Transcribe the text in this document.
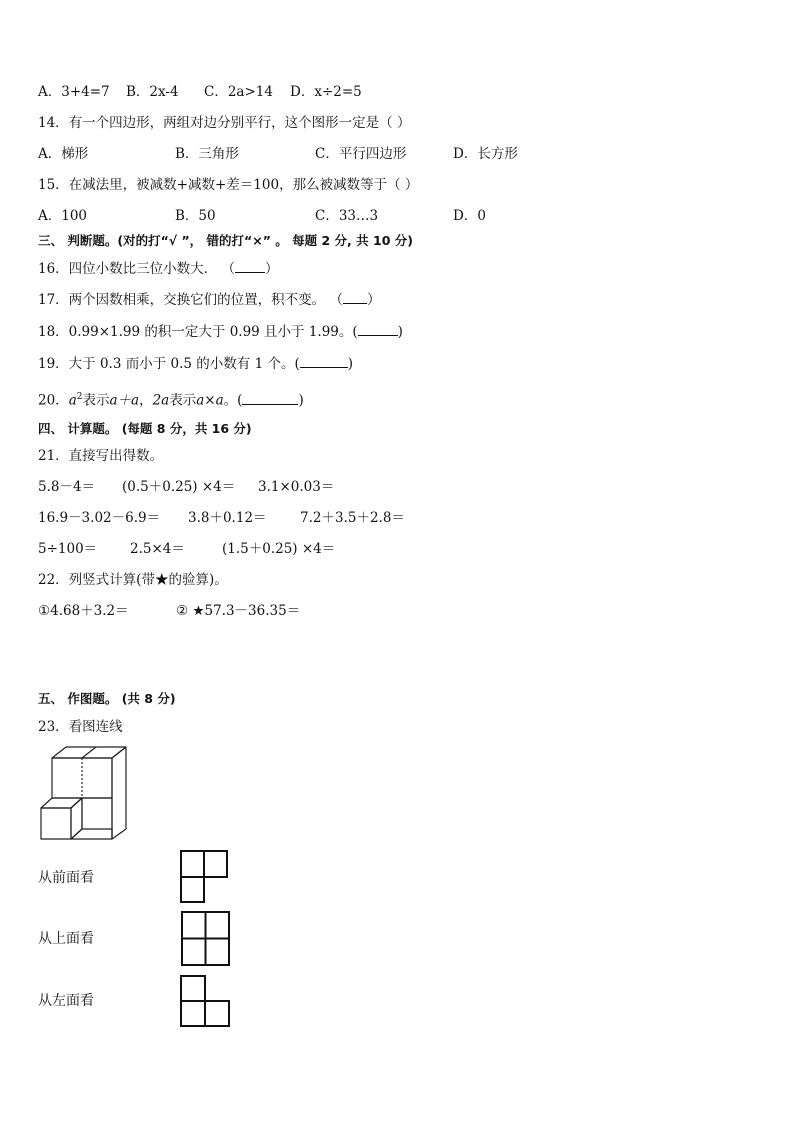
A．3+4=7 B．2x-4 C．2a>14 D．x÷2=5
14．有一个四边形，两组对边分别平行，这个图形一定是（ ）
A．梯形	B．三角形	C．平行四边形	D．长方形
15．在减法里，被减数+减数+差＝100，那么被减数等于（ ）
A．100	B．50	C．33…3	D．0
三、 判断题。(对的打“√ ”， 错的打“×” 。 每题 2 分, 共 10 分)
16．四位小数比三位小数大． （ ）
17．两个因数相乘，交换它们的位置，积不变。 （ ）
18．0.99×1.99 的积一定大于 0.99 且小于 1.99。(	)
19．大于 0.3 而小于 0.5 的小数有 1 个。(	)
20．$a^2$表示a＋a，2a表示a×a。(	)
四、 计算题。 (每题 8 分，共 16 分)
21．直接写出得数。
5.8－4＝ (0.5＋0.25) ×4＝ 3.1×0.03＝
16.9－3.02－6.9＝ 3.8＋0.12＝ 7.2＋3.5＋2.8＝
5÷100＝ 2.5×4＝	(1.5＋0.25) ×4＝
22．列竖式计算(带★的验算)。
①4.68＋3.2＝	② ★57.3－36.35＝
五、 作图题。 (共 8 分)
23．看图连线
从前面看
从上面看
从左面看
